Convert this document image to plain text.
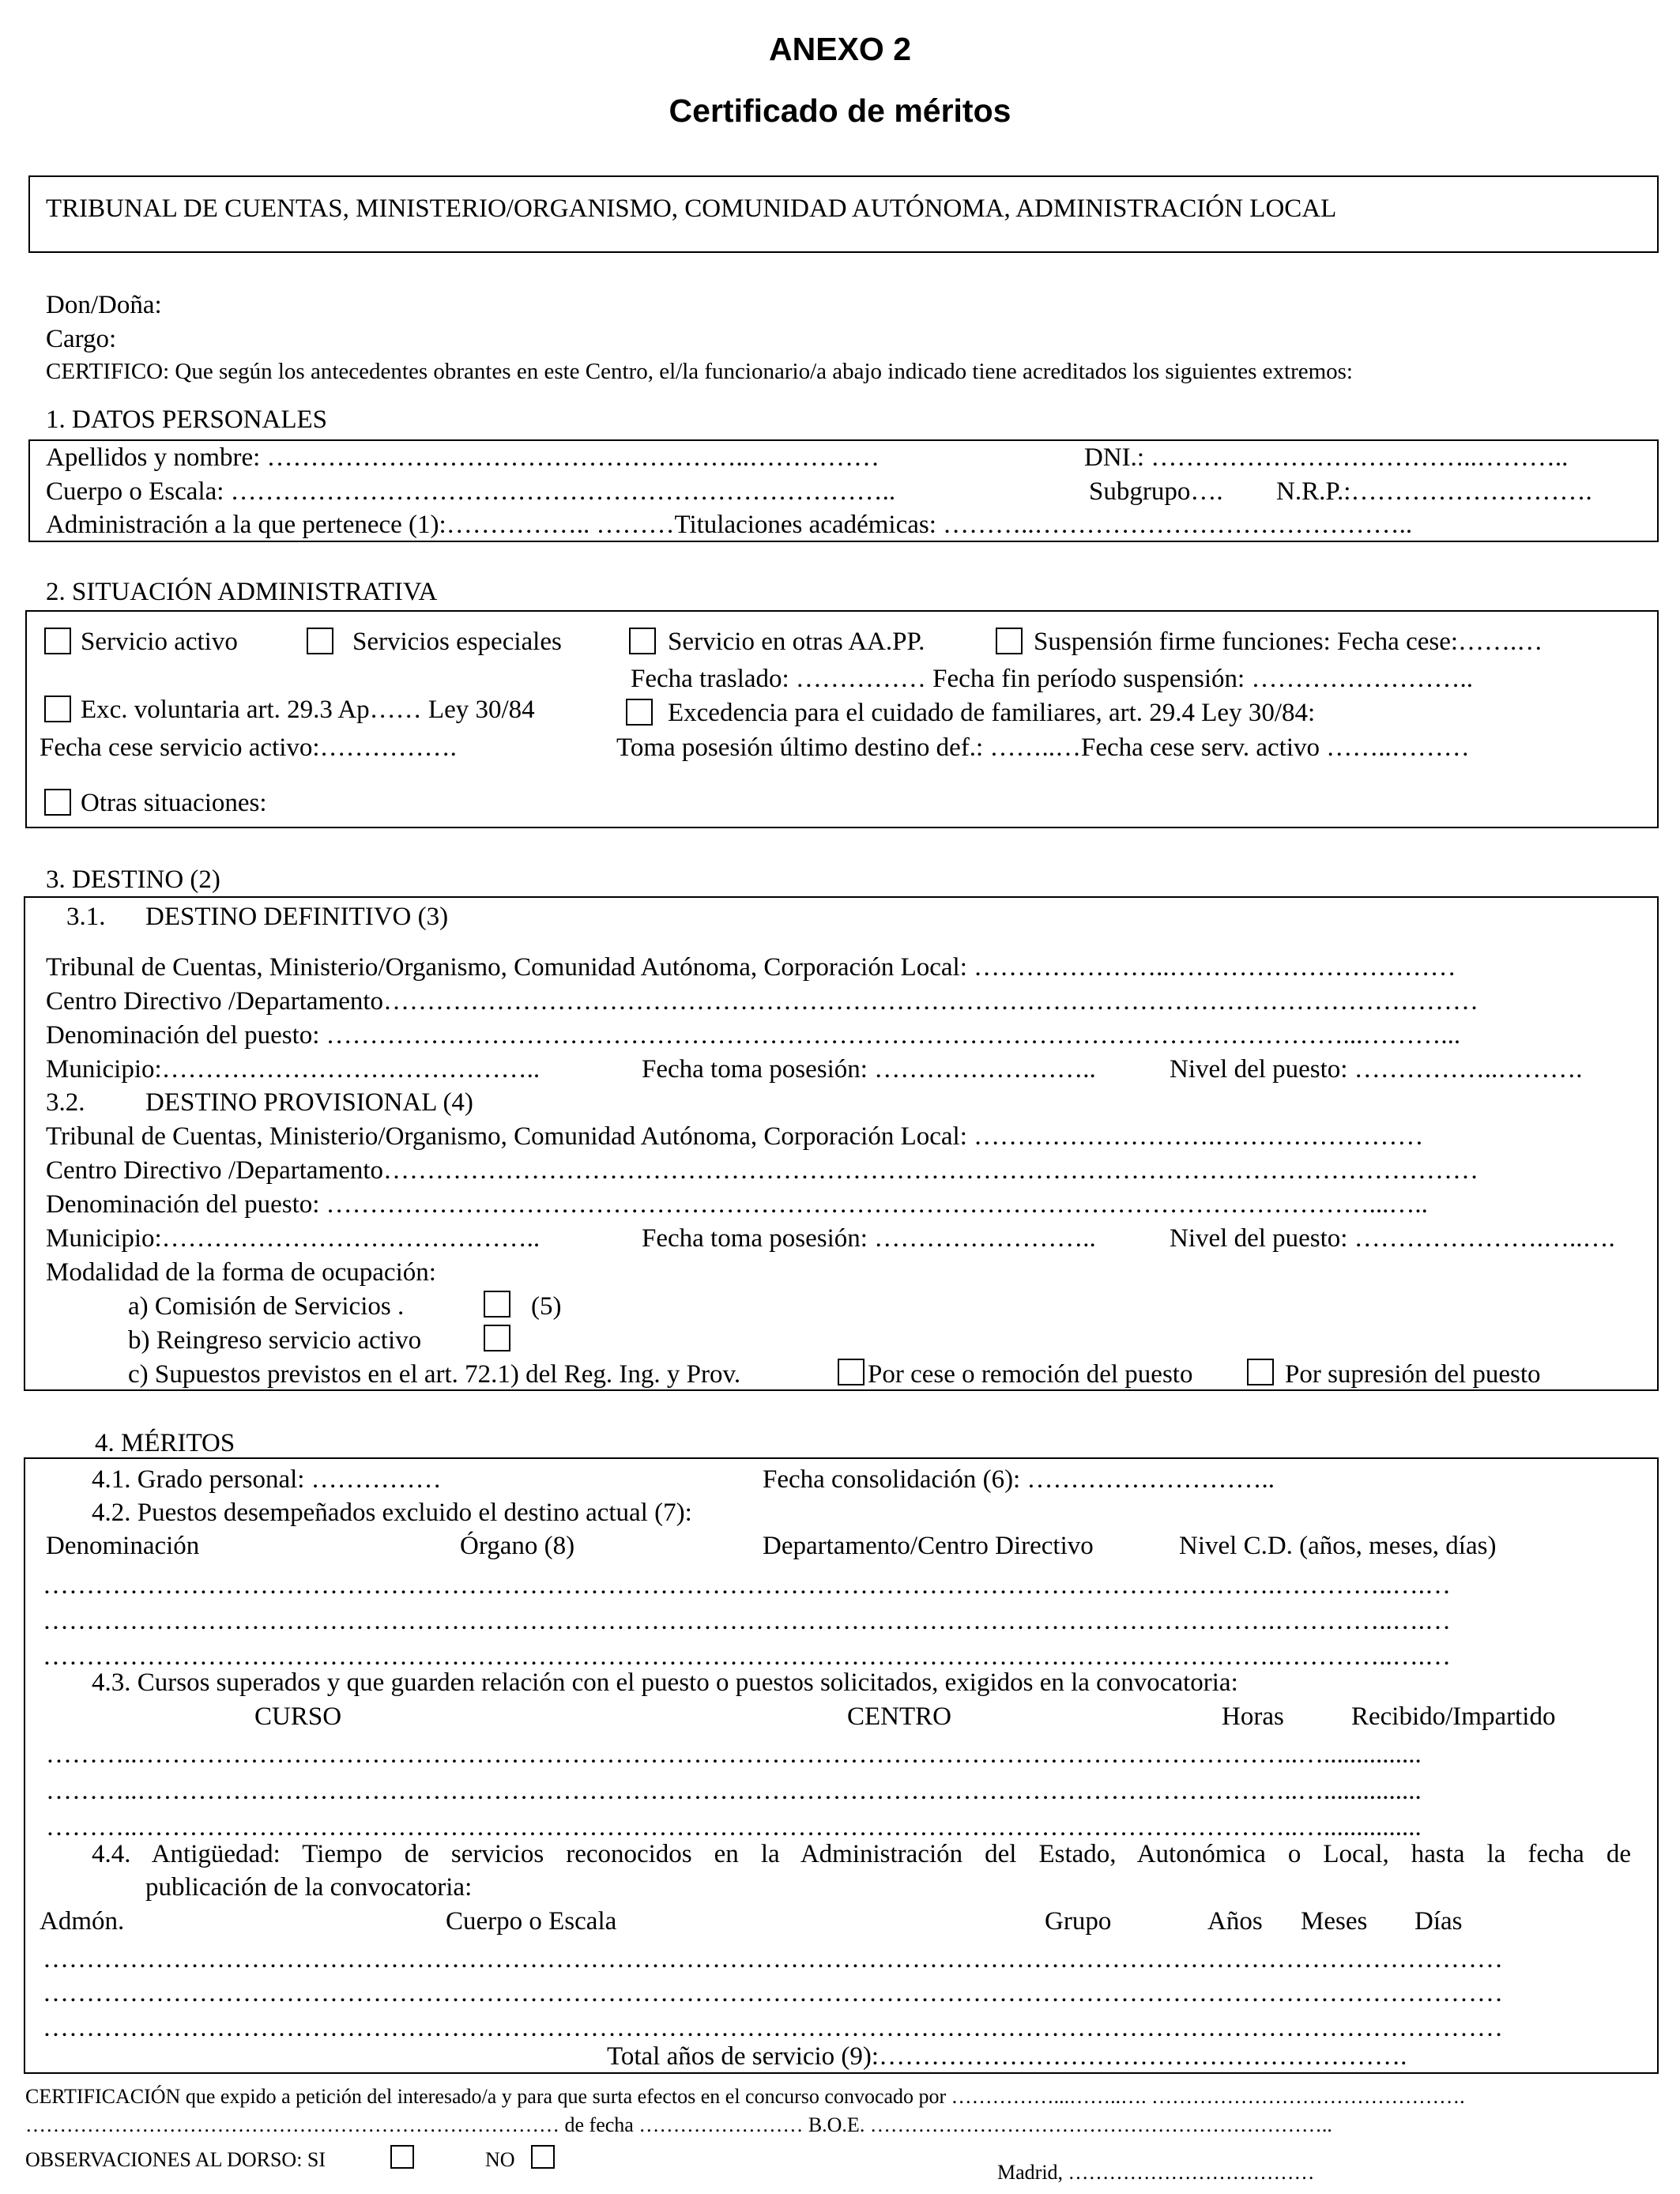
ANEXO 2
Certificado de méritos
TRIBUNAL DE CUENTAS, MINISTERIO/ORGANISMO, COMUNIDAD AUTÓNOMA, ADMINISTRACIÓN LOCAL
Don/Doña:
Cargo:
CERTIFICO: Que según los antecedentes obrantes en este Centro, el/la funcionario/a abajo indicado tiene acreditados los siguientes extremos:
1. DATOS PERSONALES
Apellidos y nombre: ………………………………………………..……………	DNI.: ………………………………..………..
Cuerpo o Escala: …………………………………………………………………..	Subgrupo…. N.R.P.:……………………….
Administración a la que pertenece (1):…………….. ………Titulaciones académicas: ………..……………………………………..
2. SITUACIÓN ADMINISTRATIVA
Servicio activo	Servicios especiales	Servicio en otras AA.PP.	Suspensión firme funciones: Fecha cese:…….…
Fecha traslado: …………… Fecha fin período suspensión: ……………………..
Exc. voluntaria art. 29.3 Ap…… Ley 30/84	Excedencia para el cuidado de familiares, art. 29.4 Ley 30/84:
Fecha cese servicio activo:…………….	Toma posesión último destino def.: ……..…Fecha cese serv. activo ……..………
Otras situaciones:
3. DESTINO (2)
3.1. DESTINO DEFINITIVO (3)
Tribunal de Cuentas, Ministerio/Organismo, Comunidad Autónoma, Corporación Local: …………………..……………………………
Centro Directivo /Departamento………………………………………………………………………………………………………………
Denominación del puesto: ………………………………………………………………………………………………………...………...
Municipio:……………………………………..	Fecha toma posesión: ……………………..	Nivel del puesto: ……………..……….
3.2. DESTINO PROVISIONAL (4)
Tribunal de Cuentas, Ministerio/Organismo, Comunidad Autónoma, Corporación Local: ……………………….……………………
Centro Directivo /Departamento………………………………………………………………………………………………………………
Denominación del puesto: …………………………………………………………………………………………………………...…..
Municipio:……………………………………..	Fecha toma posesión: ……………………..	Nivel del puesto: ………………….…..….
Modalidad de la forma de ocupación:
a) Comisión de Servicios .	(5)
b) Reingreso servicio activo
c) Supuestos previstos en el art. 72.1) del Reg. Ing. y Prov.	Por cese o remoción del puesto	Por supresión del puesto
4. MÉRITOS
4.1. Grado personal: ……………	Fecha consolidación (6): ………………………..
4.2. Puestos desempeñados excluido el destino actual (7):
Denominación	Órgano (8)	Departamento/Centro Directivo	Nivel C.D. (años, meses, días)
…………………………………………………………………………………………………………………………….…………..….…
…………………………………………………………………………………………………………………………….…………..….…
…………………………………………………………………………………………………………………………….…………..….…
4.3. Cursos superados y que guarden relación con el puesto o puestos solicitados, exigidos en la convocatoria:
CURSO	CENTRO	Horas	Recibido/Impartido
………..……………………………………………………………………………………………………………………..…...............
………..……………………………………………………………………………………………………………………..…...............
………..……………………………………………………………………………………………………………………..…...............
4.4. Antigüedad: Tiempo de servicios reconocidos en la Administración del Estado, Autonómica o Local, hasta la fecha de
publicación de la convocatoria:
Admón.	Cuerpo o Escala	Grupo	Años Meses Días
……………………………………………………………………………………………………………………………………………………
……………………………………………………………………………………………………………………………………………………
……………………………………………………………………………………………………………………………………………………
Total años de servicio (9):…………………………………………………….
CERTIFICACIÓN que expido a petición del interesado/a y para que surta efectos en el concurso convocado por ……………...……..…. ……………………………………….
…………………………………………………………………… de fecha …………………… B.O.E. …………………………………………………………..
OBSERVACIONES AL DORSO: SI	NO
Madrid, ………………………………
